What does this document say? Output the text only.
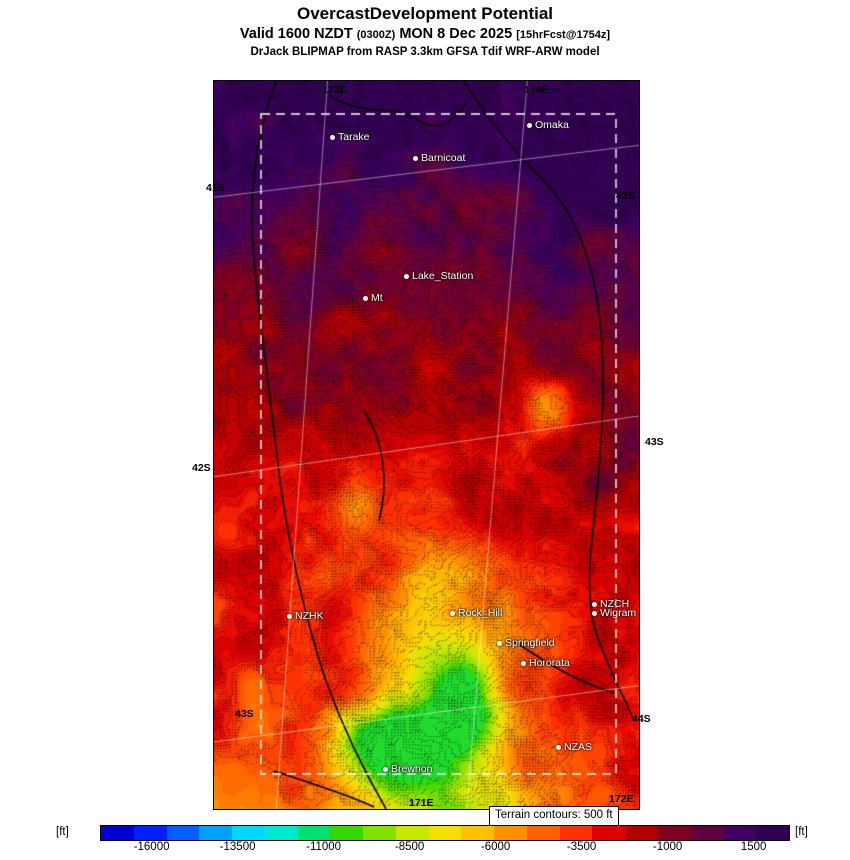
OvercastDevelopment Potential
Valid 1600 NZDT (0300Z) MON 8 Dec 2025 [15hrFcst@1754z]
DrJack BLIPMAP from RASP 3.3km GFSA Tdif WRF-ARW model
173E	174E
41S
42S
42S
43S
43S	44S
171E	172E
Tarake
Omaka
Barnicoat
Lake_Station
Mt
NZHK	Rock_Hill
NZCH
Wigram
Springfield
Hororata
NZAS
Brewhon
Terrain contours: 500 ft
[ft]	[ft]
-16000	-13500	-11000	-8500	-6000	-3500	-1000	1500
